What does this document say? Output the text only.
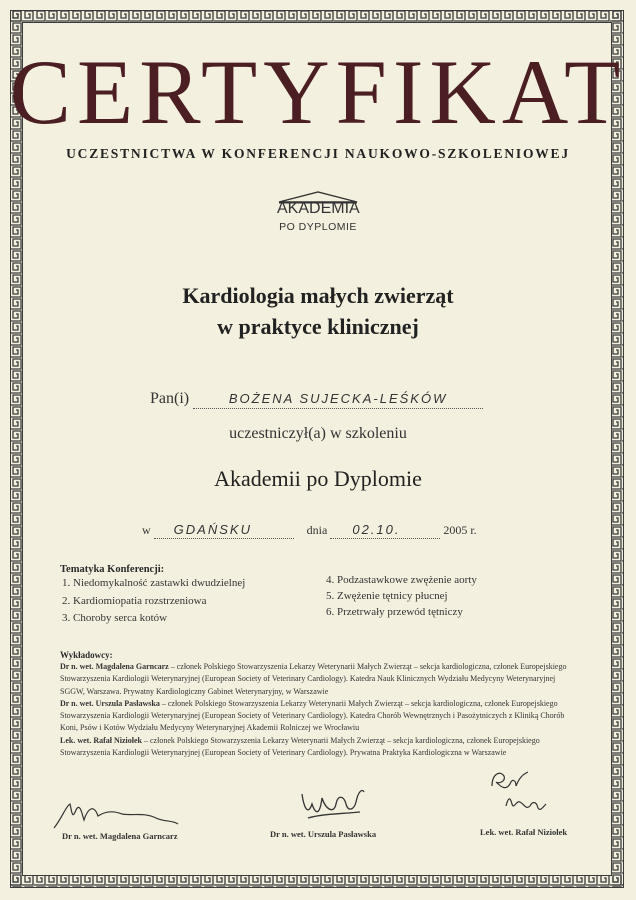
CERTYFIKAT
UCZESTNICTWA W KONFERENCJI NAUKOWO-SZKOLENIOWEJ
AKADEMIA
PO DYPLOMIE
Kardiologia małych zwierząt
w praktyce klinicznej
Pan(i)	BOŻENA SUJECKA-LEŚKÓW
uczestniczył(a) w szkoleniu
Akademii po Dyplomie
w GDAŃSKU	dnia 02.10.	2005 r.
Tematyka Konferencji:
1. Niedomykalność zastawki dwudzielnej
2. Kardiomiopatia rozstrzeniowa
3. Choroby serca kotów
4. Podzastawkowe zwężenie aorty
5. Zwężenie tętnicy płucnej
6. Przetrwały przewód tętniczy
Wykładowcy:
Dr n. wet. Magdalena Garncarz – członek Polskiego Stowarzyszenia Lekarzy Weterynarii Małych Zwierząt – sekcja kardiologiczna, członek Europejskiego Stowarzyszenia Kardiologii Weterynaryjnej (European Society of Veterinary Cardiology). Katedra Nauk Klinicznych Wydziału Medycyny Weterynaryjnej SGGW, Warszawa. Prywatny Kardiologiczny Gabinet Weterynaryjny, w Warszawie
Dr n. wet. Urszula Pasławska – członek Polskiego Stowarzyszenia Lekarzy Weterynarii Małych Zwierząt – sekcja kardiologiczna, członek Europejskiego Stowarzyszenia Kardiologii Weterynaryjnej (European Society of Veterinary Cardiology). Katedra Chorób Wewnętrznych i Pasożytniczych z Kliniką Chorób Koni, Psów i Kotów Wydziału Medycyny Weterynaryjnej Akademii Rolniczej we Wrocławiu
Lek. wet. Rafał Niziołek – członek Polskiego Stowarzyszenia Lekarzy Weterynarii Małych Zwierząt – sekcja kardiologiczna, członek Europejskiego Stowarzyszenia Kardiologii Weterynaryjnej (European Society of Veterinary Cardiology). Prywatna Praktyka Kardiologiczna w Warszawie
Dr n. wet. Magdalena Garncarz	Dr n. wet. Urszula Pasławska	Lek. wet. Rafał Niziołek
